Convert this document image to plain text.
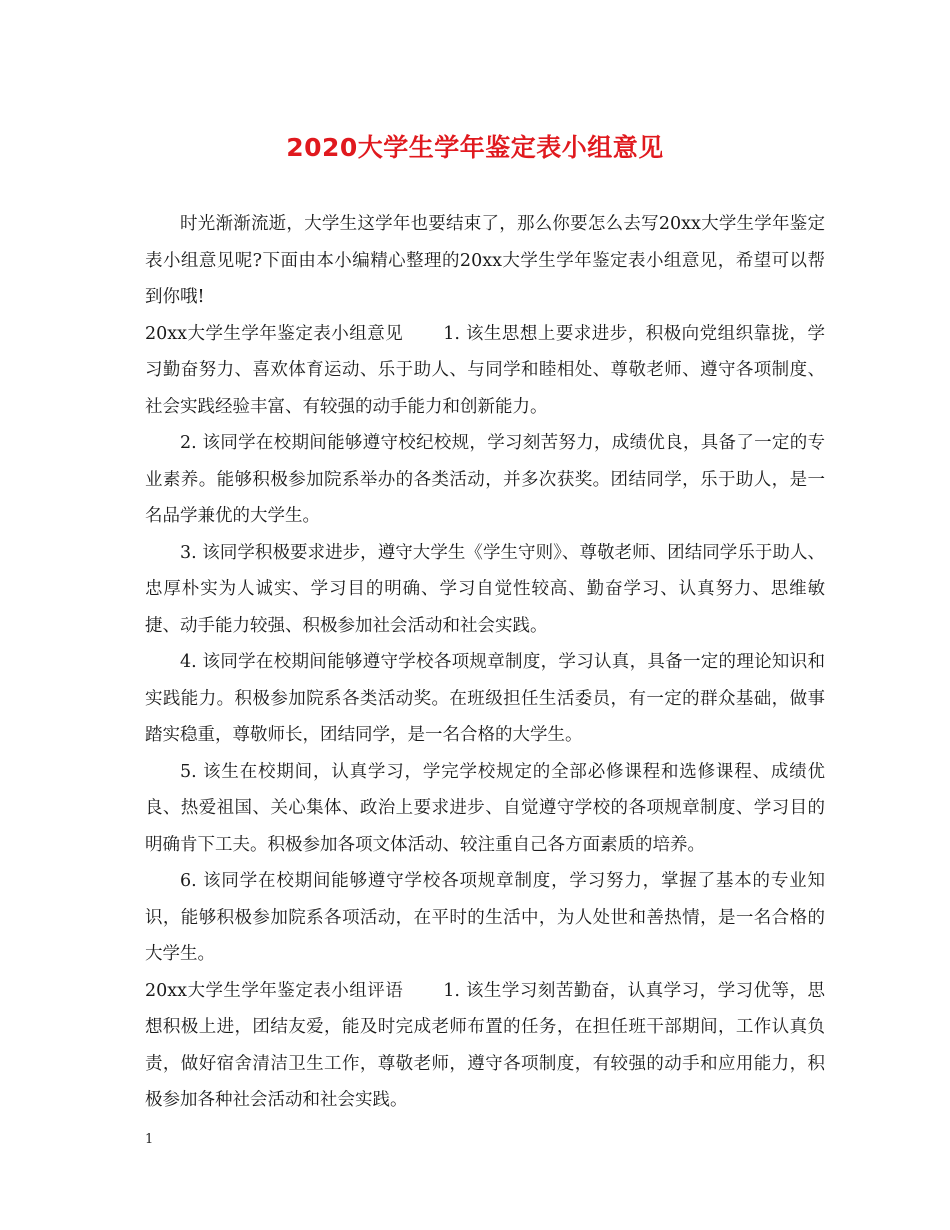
2020大学生学年鉴定表小组意见

时光渐渐流逝，大学生这学年也要结束了，那么你要怎么去写20xx大学生学年鉴定表小组意见呢?下面由本小编精心整理的20xx大学生学年鉴定表小组意见，希望可以帮到你哦!

20xx大学生学年鉴定表小组意见 1. 该生思想上要求进步，积极向党组织靠拢，学习勤奋努力、喜欢体育运动、乐于助人、与同学和睦相处、尊敬老师、遵守各项制度、社会实践经验丰富、有较强的动手能力和创新能力。

2. 该同学在校期间能够遵守校纪校规，学习刻苦努力，成绩优良，具备了一定的专业素养。能够积极参加院系举办的各类活动，并多次获奖。团结同学，乐于助人，是一名品学兼优的大学生。

3. 该同学积极要求进步，遵守大学生《学生守则》、尊敬老师、团结同学乐于助人、忠厚朴实为人诚实、学习目的明确、学习自觉性较高、勤奋学习、认真努力、思维敏捷、动手能力较强、积极参加社会活动和社会实践。

4. 该同学在校期间能够遵守学校各项规章制度，学习认真，具备一定的理论知识和实践能力。积极参加院系各类活动奖。在班级担任生活委员，有一定的群众基础，做事踏实稳重，尊敬师长，团结同学，是一名合格的大学生。

5. 该生在校期间，认真学习，学完学校规定的全部必修课程和选修课程、成绩优良、热爱祖国、关心集体、政治上要求进步、自觉遵守学校的各项规章制度、学习目的明确肯下工夫。积极参加各项文体活动、较注重自己各方面素质的培养。

6. 该同学在校期间能够遵守学校各项规章制度，学习努力，掌握了基本的专业知识，能够积极参加院系各项活动，在平时的生活中，为人处世和善热情，是一名合格的大学生。

20xx大学生学年鉴定表小组评语 1. 该生学习刻苦勤奋，认真学习，学习优等，思想积极上进，团结友爱，能及时完成老师布置的任务，在担任班干部期间，工作认真负责，做好宿舍清洁卫生工作，尊敬老师，遵守各项制度，有较强的动手和应用能力，积极参加各种社会活动和社会实践。

1
